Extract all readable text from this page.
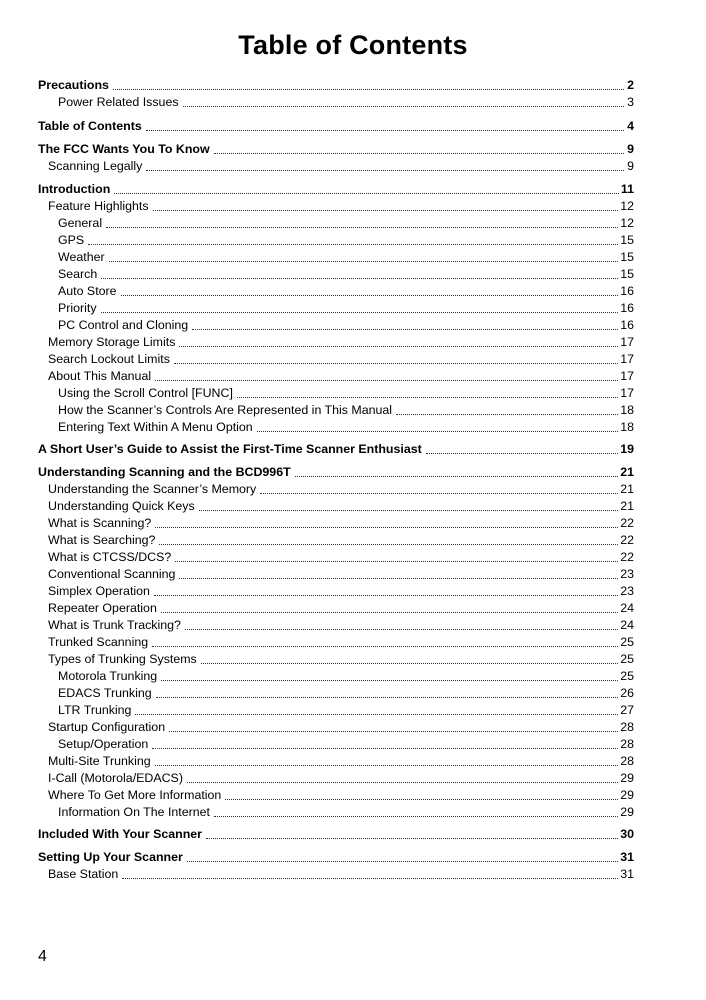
Table of Contents
Precautions	2
Power Related Issues	3
Table of Contents	4
The FCC Wants You To Know	9
Scanning Legally	9
Introduction	11
Feature Highlights	12
General	12
GPS	15
Weather	15
Search	15
Auto Store	16
Priority	16
PC Control and Cloning	16
Memory Storage Limits	17
Search Lockout Limits	17
About This Manual	17
Using the Scroll Control [FUNC]	17
How the Scanner’s Controls Are Represented in This Manual	18
Entering Text Within A Menu Option	18
A Short User’s Guide to Assist the First-Time Scanner Enthusiast	19
Understanding Scanning and the BCD996T	21
Understanding the Scanner’s Memory	21
Understanding Quick Keys	21
What is Scanning?	22
What is Searching?	22
What is CTCSS/DCS?	22
Conventional Scanning	23
Simplex Operation	23
Repeater Operation	24
What is Trunk Tracking?	24
Trunked Scanning	25
Types of Trunking Systems	25
Motorola Trunking	25
EDACS Trunking	26
LTR Trunking	27
Startup Configuration	28
Setup/Operation	28
Multi-Site Trunking	28
I-Call (Motorola/EDACS)	29
Where To Get More Information	29
Information On The Internet	29
Included With Your Scanner	30
Setting Up Your Scanner	31
Base Station	31
4
